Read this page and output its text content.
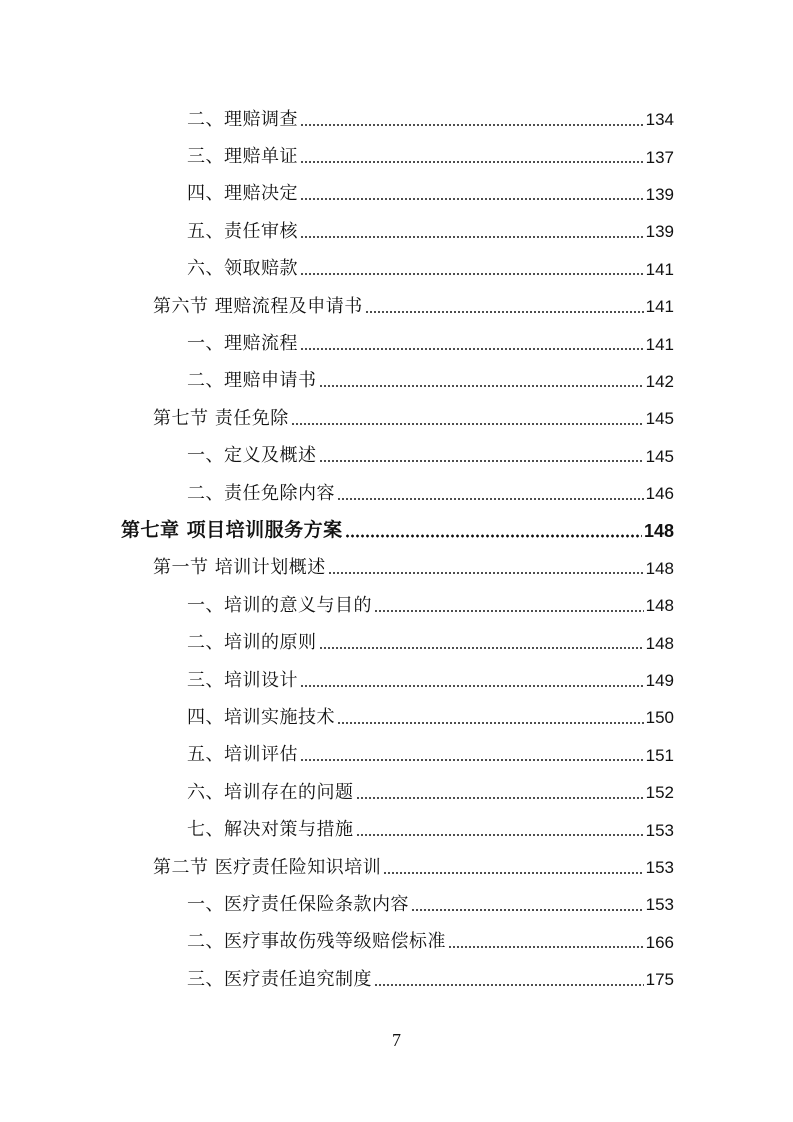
二、理赔调查	134
三、理赔单证	137
四、理赔决定	139
五、责任审核	139
六、领取赔款	141
第六节 理赔流程及申请书	141
一、理赔流程	141
二、理赔申请书	142
第七节 责任免除	145
一、定义及概述	145
二、责任免除内容	146
第七章 项目培训服务方案	148
第一节 培训计划概述	148
一、培训的意义与目的	148
二、培训的原则	148
三、培训设计	149
四、培训实施技术	150
五、培训评估	151
六、培训存在的问题	152
七、解决对策与措施	153
第二节 医疗责任险知识培训	153
一、医疗责任保险条款内容	153
二、医疗事故伤残等级赔偿标准	166
三、医疗责任追究制度	175
7
